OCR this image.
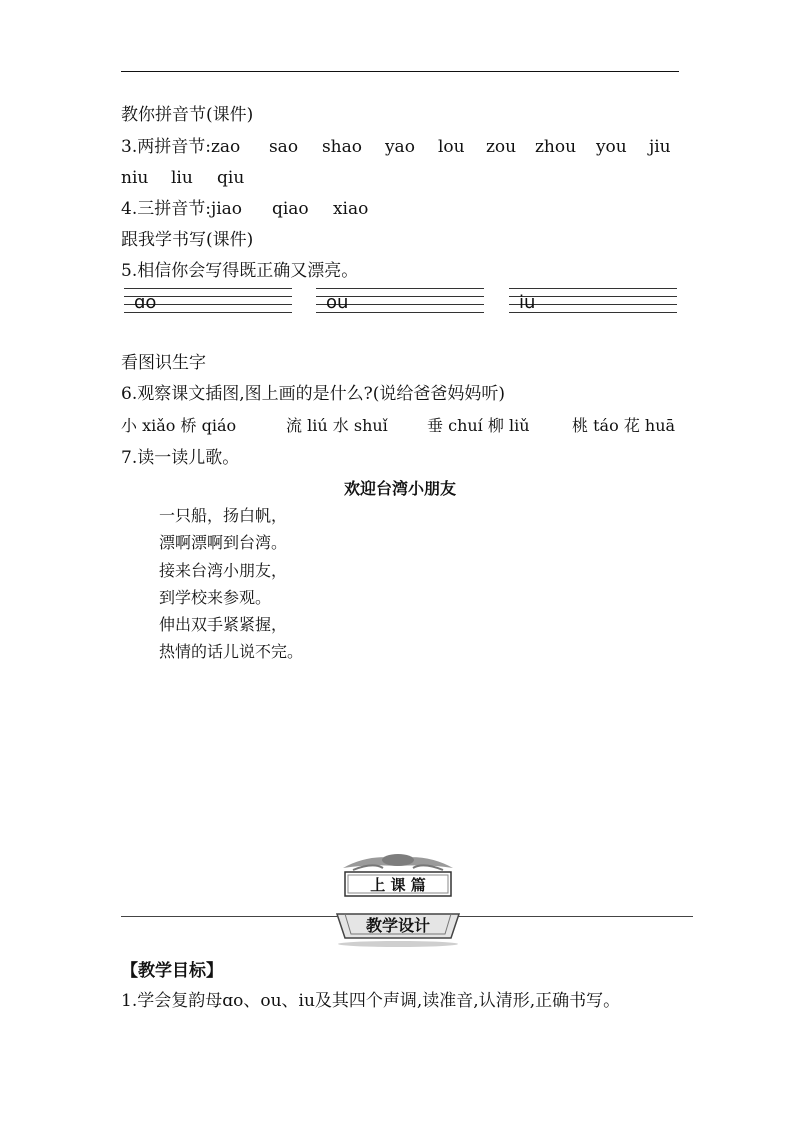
教你拼音节(课件)
3.两拼音节:zao sao shao yao lou zou zhou you jiu
niu liu qiu
4.三拼音节:jiao qiao xiao
跟我学书写(课件)
5.相信你会写得既正确又漂亮。
ɑo	ou	iu
看图识生字
6.观察课文插图,图上画的是什么?(说给爸爸妈妈听)
小 xiǎo 桥 qiáo	流 liú 水 shuǐ 垂 chuí 柳 liǔ	桃 táo 花 huā
7.读一读儿歌。
欢迎台湾小朋友
一只船，扬白帆，
漂啊漂啊到台湾。
接来台湾小朋友，
到学校来参观。
伸出双手紧紧握，
热情的话儿说不完。
上 课 篇
教学设计
【教学目标】
1.学会复韵母ɑo、ou、iu及其四个声调,读准音,认清形,正确书写。
